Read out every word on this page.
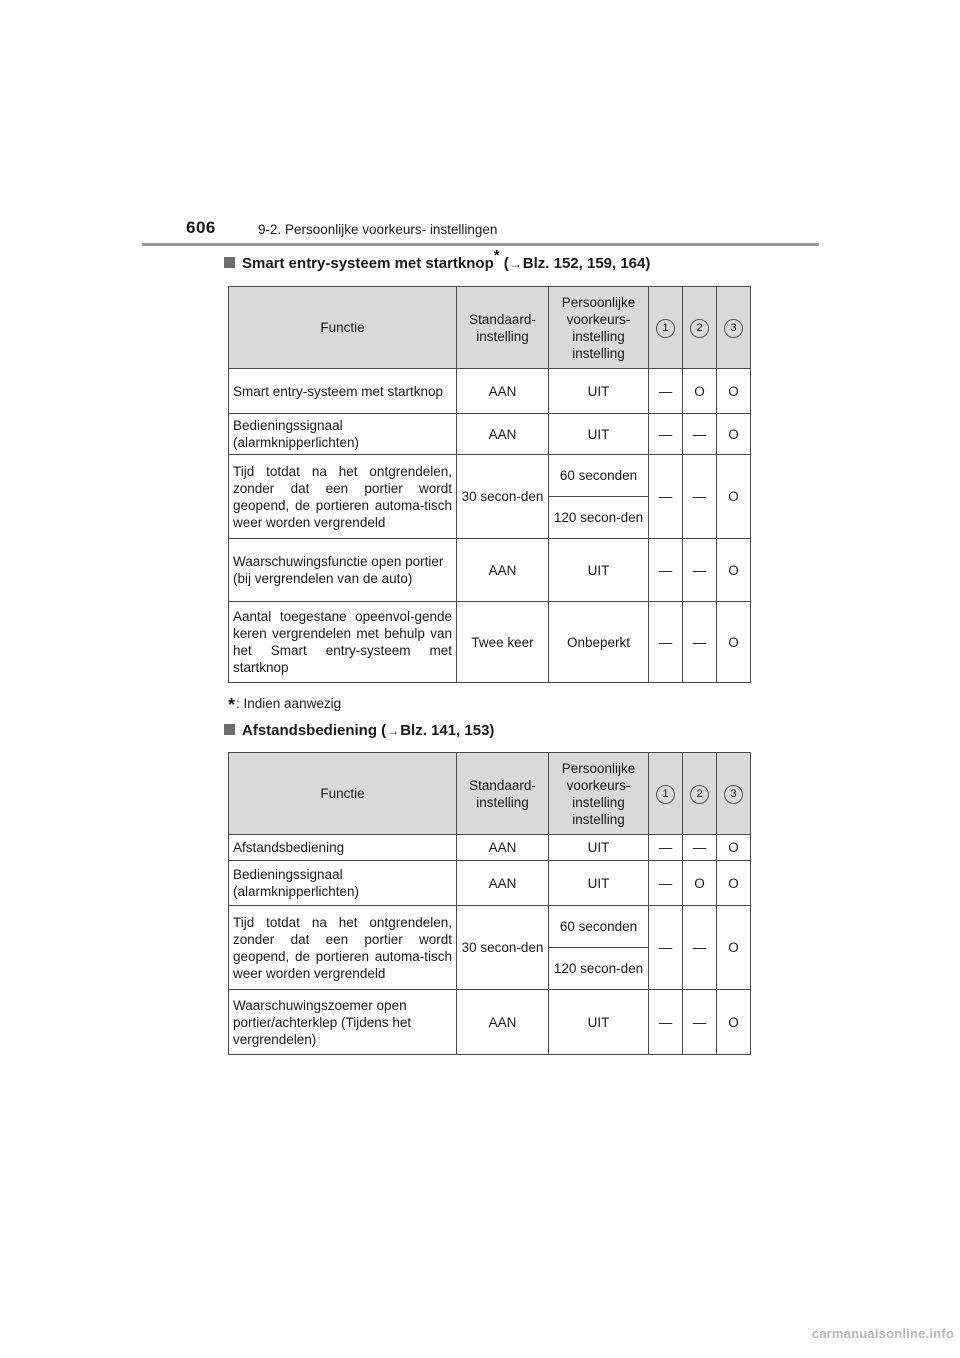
606	9-2. Persoonlijke voorkeurs- instellingen
Smart entry-systeem met startknop* (→Blz. 152, 159, 164)
Functie	Standaard-instelling	Persoonlijke voorkeurs-instelling instelling	1	2	3
Smart entry-systeem met startknop	AAN	UIT	—	O	O
Bedieningssignaal (alarmknipperlichten)	AAN	UIT	—	—	O
Tijd totdat na het ontgrendelen, zonder dat een portier wordt geopend, de portieren automa-tisch weer worden vergrendeld	30 secon-den	60 seconden	—	—	O
		120 secon-den			
Waarschuwingsfunctie open portier (bij vergrendelen van de auto)	AAN	UIT	—	—	O
Aantal toegestane opeenvol-gende keren vergrendelen met behulp van het Smart entry-systeem met startknop	Twee keer	Onbeperkt	—	—	O
*: Indien aanwezig
Afstandsbediening (→Blz. 141, 153)
Functie	Standaard-instelling	Persoonlijke voorkeurs-instelling instelling	1	2	3
Afstandsbediening	AAN	UIT	—	—	O
Bedieningssignaal (alarmknipperlichten)	AAN	UIT	—	O	O
Tijd totdat na het ontgrendelen, zonder dat een portier wordt geopend, de portieren automa-tisch weer worden vergrendeld	30 secon-den	60 seconden	—	—	O
		120 secon-den			
Waarschuwingszoemer open portier/achterklep (Tijdens het vergrendelen)	AAN	UIT	—	—	O
carmanualsonline.info
